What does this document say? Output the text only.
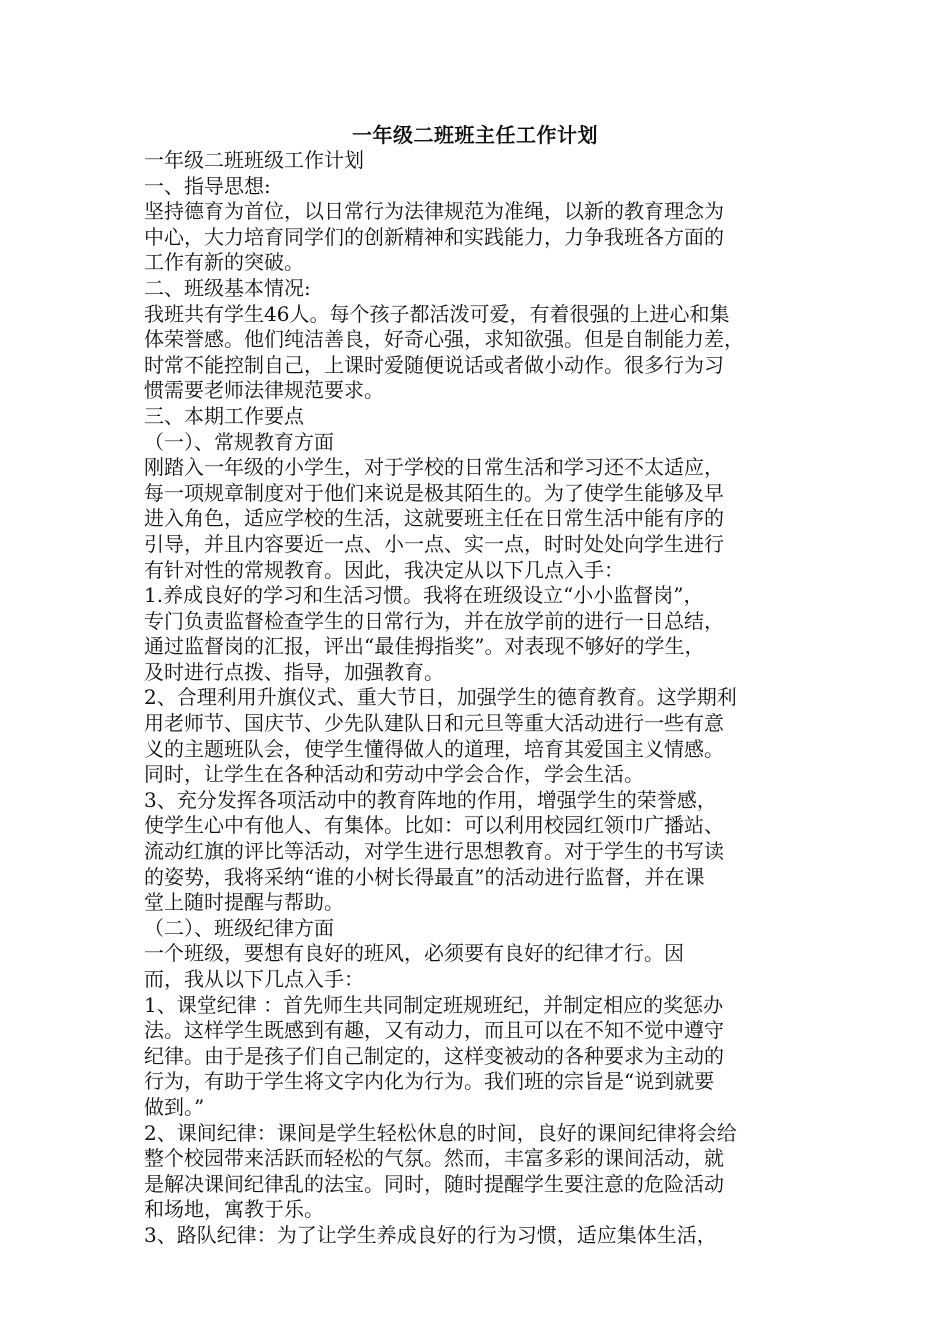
一年级二班班主任工作计划
一年级二班班级工作计划
一、指导思想:
坚持德育为首位，以日常行为法律规范为准绳，以新的教育理念为
中心，大力培育同学们的创新精神和实践能力，力争我班各方面的
工作有新的突破。
二、班级基本情况:
我班共有学生46人。每个孩子都活泼可爱，有着很强的上进心和集
体荣誉感。他们纯洁善良，好奇心强，求知欲强。但是自制能力差，
时常不能控制自己，上课时爱随便说话或者做小动作。很多行为习
惯需要老师法律规范要求。
三、本期工作要点
（一）、常规教育方面
刚踏入一年级的小学生，对于学校的日常生活和学习还不太适应，
每一项规章制度对于他们来说是极其陌生的。为了使学生能够及早
进入角色，适应学校的生活，这就要班主任在日常生活中能有序的
引导，并且内容要近一点、小一点、实一点，时时处处向学生进行
有针对性的常规教育。因此，我决定从以下几点入手：
1.养成良好的学习和生活习惯。我将在班级设立“小小监督岗”，
专门负责监督检查学生的日常行为，并在放学前的进行一日总结，
通过监督岗的汇报，评出“最佳拇指奖”。对表现不够好的学生，
及时进行点拨、指导，加强教育。
2、合理利用升旗仪式、重大节日，加强学生的德育教育。这学期利
用老师节、国庆节、少先队建队日和元旦等重大活动进行一些有意
义的主题班队会，使学生懂得做人的道理，培育其爱国主义情感。
同时，让学生在各种活动和劳动中学会合作，学会生活。
3、充分发挥各项活动中的教育阵地的作用，增强学生的荣誉感，
使学生心中有他人、有集体。比如：可以利用校园红领巾广播站、
流动红旗的评比等活动，对学生进行思想教育。对于学生的书写读
的姿势，我将采纳“谁的小树长得最直”的活动进行监督，并在课
堂上随时提醒与帮助。
（二）、班级纪律方面
一个班级，要想有良好的班风，必须要有良好的纪律才行。因
而，我从以下几点入手：
1、课堂纪律 ：首先师生共同制定班规班纪，并制定相应的奖惩办
法。这样学生既感到有趣，又有动力，而且可以在不知不觉中遵守
纪律。由于是孩子们自己制定的，这样变被动的各种要求为主动的
行为，有助于学生将文字内化为行为。我们班的宗旨是“说到就要
做到。”
2、课间纪律：课间是学生轻松休息的时间，良好的课间纪律将会给
整个校园带来活跃而轻松的气氛。然而，丰富多彩的课间活动，就
是解决课间纪律乱的法宝。同时，随时提醒学生要注意的危险活动
和场地，寓教于乐。
3、路队纪律：为了让学生养成良好的行为习惯，适应集体生活，
